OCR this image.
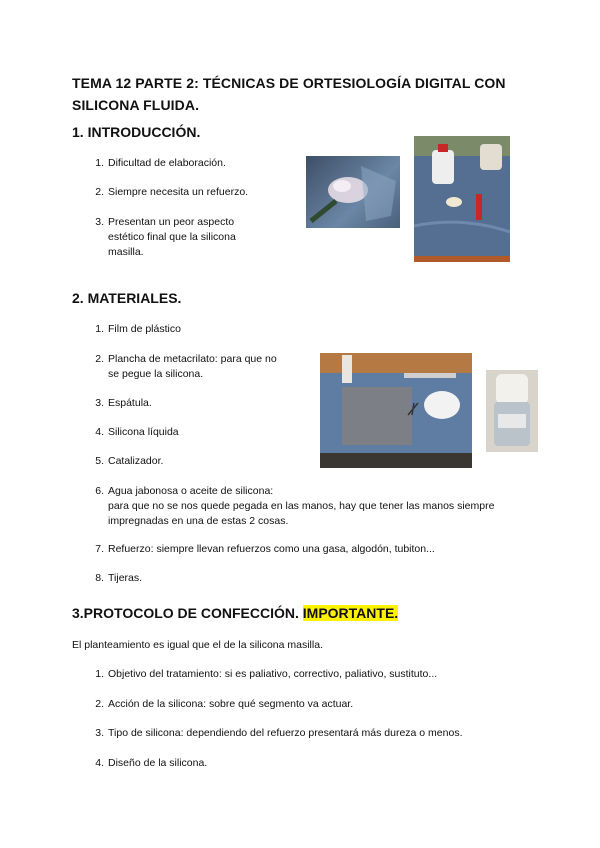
TEMA 12 PARTE 2: TÉCNICAS DE ORTESIOLOGÍA DIGITAL CON
SILICONA FLUIDA.
1. INTRODUCCIÓN.
1. Dificultad de elaboración.
2. Siempre necesita un refuerzo.
3. Presentan un peor aspecto
estético final que la silicona
masilla.
2. MATERIALES.
1. Film de plástico
2. Plancha de metacrilato: para que no
se pegue la silicona.
3. Espátula.
4. Silicona líquida
5. Catalizador.
6. Agua jabonosa o aceite de silicona:
para que no se nos quede pegada en las manos, hay que tener las manos siempre
impregnadas en una de estas 2 cosas.
7. Refuerzo: siempre llevan refuerzos como una gasa, algodón, tubiton...
8. Tijeras.
3.PROTOCOLO DE CONFECCIÓN. IMPORTANTE.
El planteamiento es igual que el de la silicona masilla.
1. Objetivo del tratamiento: si es paliativo, correctivo, paliativo, sustituto...
2. Acción de la silicona: sobre qué segmento va actuar.
3. Tipo de silicona: dependiendo del refuerzo presentará más dureza o menos.
4. Diseño de la silicona.
